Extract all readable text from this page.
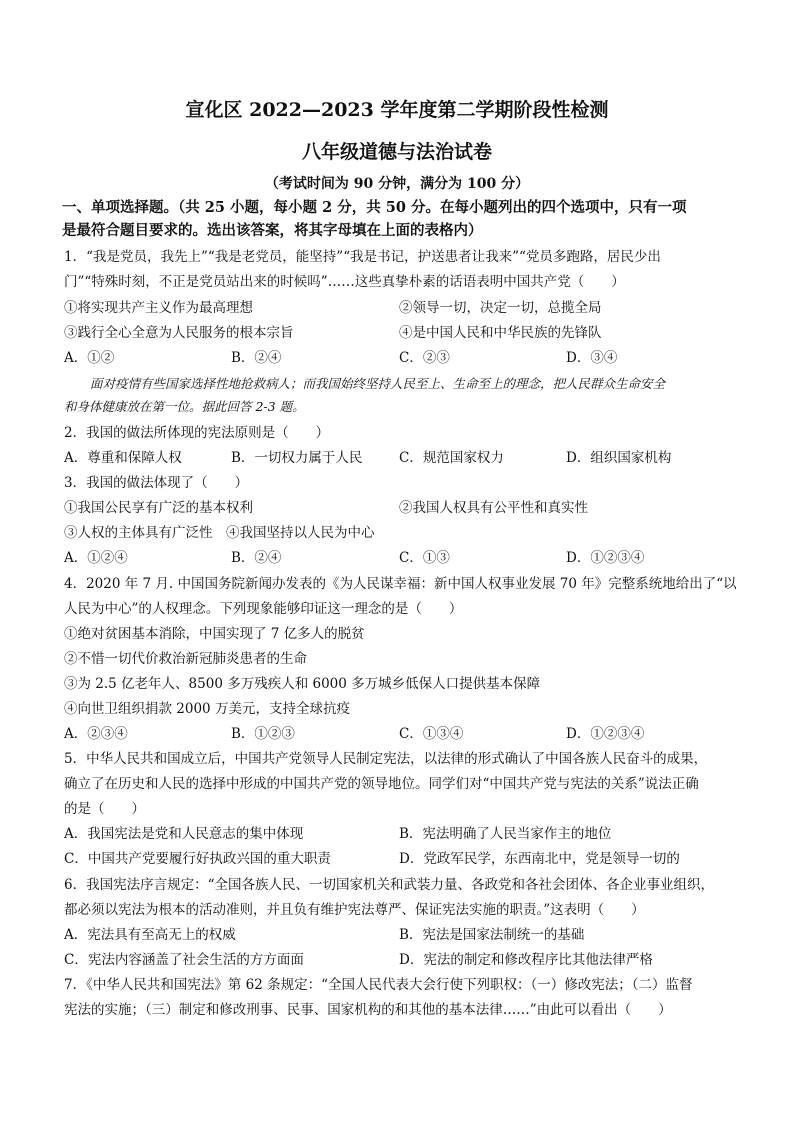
宣化区 2022—2023 学年度第二学期阶段性检测
八年级道德与法治试卷
（考试时间为 90 分钟，满分为 100 分）
一、单项选择题。（共 25 小题，每小题 2 分，共 50 分。在每小题列出的四个选项中，只有一项
是最符合题目要求的。选出该答案，将其字母填在上面的表格内）
1．“我是党员，我先上”“我是老党员，能坚持”“我是书记，护送患者让我来”“党员多跑路，居民少出
门”“特殊时刻，不正是党员站出来的时候吗”……这些真挚朴素的话语表明中国共产党（　　）
①将实现共产主义作为最高理想	②领导一切，决定一切，总揽全局
③践行全心全意为人民服务的根本宗旨	④是中国人民和中华民族的先锋队
A．①②	B．②④	C．②③	D．③④
面对疫情有些国家选择性地抢救病人；而我国始终坚持人民至上、生命至上的理念，把人民群众生命安全
和身体健康放在第一位。据此回答 2-3 题。
2．我国的做法所体现的宪法原则是（　　）
A．尊重和保障人权	B．一切权力属于人民	C．规范国家权力	D．组织国家机构
3．我国的做法体现了（　　）
①我国公民享有广泛的基本权利	②我国人权具有公平性和真实性
③人权的主体具有广泛性　④我国坚持以人民为中心
A．①②④	B．②④	C．①③	D．①②③④
4．2020 年 7 月. 中国国务院新闻办发表的《为人民谋幸福：新中国人权事业发展 70 年》完整系统地给出了“以
人民为中心”的人权理念。下列现象能够印证这一理念的是（　　）
①绝对贫困基本消除，中国实现了 7 亿多人的脱贫
②不惜一切代价救治新冠肺炎患者的生命
③为 2.5 亿老年人、8500 多万残疾人和 6000 多万城乡低保人口提供基本保障
④向世卫组织捐款 2000 万美元，支持全球抗疫
A．②③④	B．①②③	C．①③④	D．①②③④
5．中华人民共和国成立后，中国共产党领导人民制定宪法，以法律的形式确认了中国各族人民奋斗的成果，
确立了在历史和人民的选择中形成的中国共产党的领导地位。同学们对“中国共产党与宪法的关系”说法正确
的是（　　）
A．我国宪法是党和人民意志的集中体现	B．宪法明确了人民当家作主的地位
C．中国共产党要履行好执政兴国的重大职责	D．党政军民学，东西南北中，党是领导一切的
6．我国宪法序言规定：“全国各族人民、一切国家机关和武装力量、各政党和各社会团体、各企业事业组织，
都必须以宪法为根本的活动准则，并且负有维护宪法尊严、保证宪法实施的职责。”这表明（　　）
A．宪法具有至高无上的权威	B．宪法是国家法制统一的基础
C．宪法内容涵盖了社会生活的方方面面	D．宪法的制定和修改程序比其他法律严格
7．《中华人民共和国宪法》第 62 条规定：“全国人民代表大会行使下列职权：（一）修改宪法；（二）监督
宪法的实施；（三）制定和修改刑事、民事、国家机构的和其他的基本法律……”由此可以看出（　　）
